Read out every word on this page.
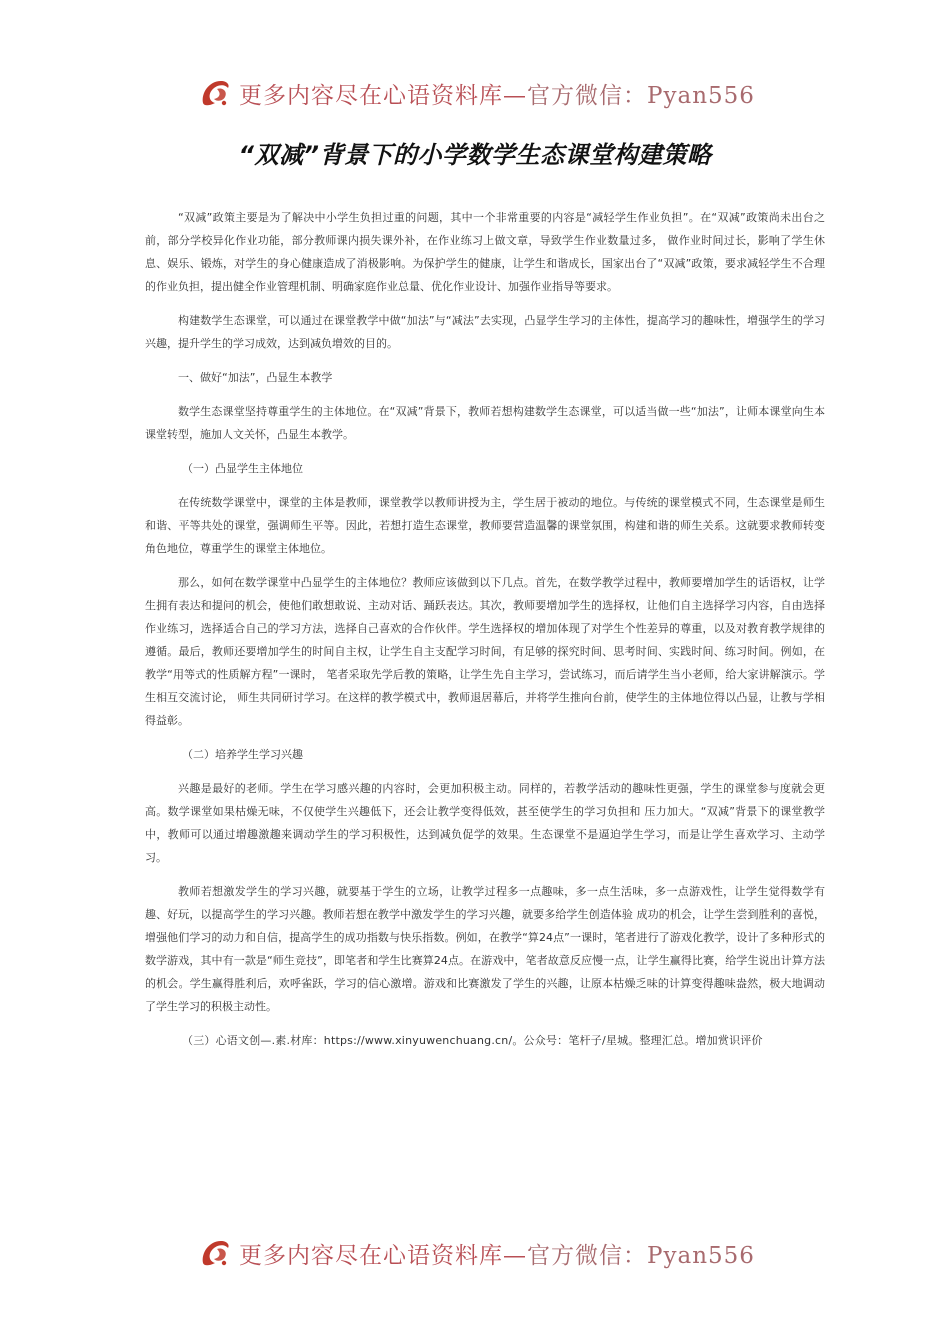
更多内容尽在心语资料库—官方微信：Pyan556
“双减”背景下的小学数学生态课堂构建策略

“双减”政策主要是为了解决中小学生负担过重的问题，其中一个非常重要的内容是“减轻学生作业负担”。在“双减”政策尚未出台之前，部分学校异化作业功能，部分教师课内损失课外补，在作业练习上做文章，导致学生作业数量过多， 做作业时间过长，影响了学生休息、娱乐、锻炼，对学生的身心健康造成了消极影响。为保护学生的健康，让学生和谐成长，国家出台了“双减”政策，要求减轻学生不合理的作业负担，提出健全作业管理机制、明确家庭作业总量、优化作业设计、加强作业指导等要求。

构建数学生态课堂，可以通过在课堂教学中做“加法”与“减法”去实现，凸显学生学习的主体性，提高学习的趣味性，增强学生的学习兴趣，提升学生的学习成效，达到减负增效的目的。

一、做好“加法”，凸显生本教学

数学生态课堂坚持尊重学生的主体地位。在“双减”背景下，教师若想构建数学生态课堂，可以适当做一些“加法”，让师本课堂向生本课堂转型，施加人文关怀，凸显生本教学。

（一）凸显学生主体地位

在传统数学课堂中，课堂的主体是教师，课堂教学以教师讲授为主，学生居于被动的地位。与传统的课堂模式不同，生态课堂是师生和谐、平等共处的课堂，强调师生平等。因此，若想打造生态课堂，教师要营造温馨的课堂氛围，构建和谐的师生关系。这就要求教师转变角色地位，尊重学生的课堂主体地位。

那么，如何在数学课堂中凸显学生的主体地位？教师应该做到以下几点。首先，在数学教学过程中，教师要增加学生的话语权，让学生拥有表达和提问的机会，使他们敢想敢说、主动对话、踊跃表达。其次，教师要增加学生的选择权，让他们自主选择学习内容，自由选择作业练习，选择适合自己的学习方法，选择自己喜欢的合作伙伴。学生选择权的增加体现了对学生个性差异的尊重，以及对教育教学规律的遵循。最后，教师还要增加学生的时间自主权，让学生自主支配学习时间，有足够的探究时间、思考时间、实践时间、练习时间。例如，在教学“用等式的性质解方程”一课时， 笔者采取先学后教的策略，让学生先自主学习，尝试练习，而后请学生当小老师，给大家讲解演示。学生相互交流讨论， 师生共同研讨学习。在这样的教学模式中，教师退居幕后，并将学生推向台前，使学生的主体地位得以凸显，让教与学相得益彰。

（二）培养学生学习兴趣

兴趣是最好的老师。学生在学习感兴趣的内容时，会更加积极主动。同样的，若教学活动的趣味性更强，学生的课堂参与度就会更高。数学课堂如果枯燥无味，不仅使学生兴趣低下，还会让教学变得低效，甚至使学生的学习负担和 压力加大。“双减”背景下的课堂教学中，教师可以通过增趣激趣来调动学生的学习积极性，达到减负促学的效果。生态课堂不是逼迫学生学习，而是让学生喜欢学习、主动学习。

教师若想激发学生的学习兴趣，就要基于学生的立场，让教学过程多一点趣味，多一点生活味，多一点游戏性，让学生觉得数学有趣、好玩，以提高学生的学习兴趣。教师若想在教学中激发学生的学习兴趣，就要多给学生创造体验 成功的机会，让学生尝到胜利的喜悦，增强他们学习的动力和自信，提高学生的成功指数与快乐指数。例如，在教学“算24点”一课时，笔者进行了游戏化教学，设计了多种形式的数学游戏，其中有一款是“师生竞技”，即笔者和学生比赛算24点。在游戏中，笔者故意反应慢一点，让学生赢得比赛，给学生说出计算方法的机会。学生赢得胜利后，欢呼雀跃，学习的信心激增。游戏和比赛激发了学生的兴趣，让原本枯燥乏味的计算变得趣味盎然，极大地调动了学生学习的积极主动性。

（三）心语文创—.素.材库：https://www.xinyuwenchuang.cn/。公众号：笔杆子/星城。整理汇总。增加赏识评价

更多内容尽在心语资料库—官方微信：Pyan556
